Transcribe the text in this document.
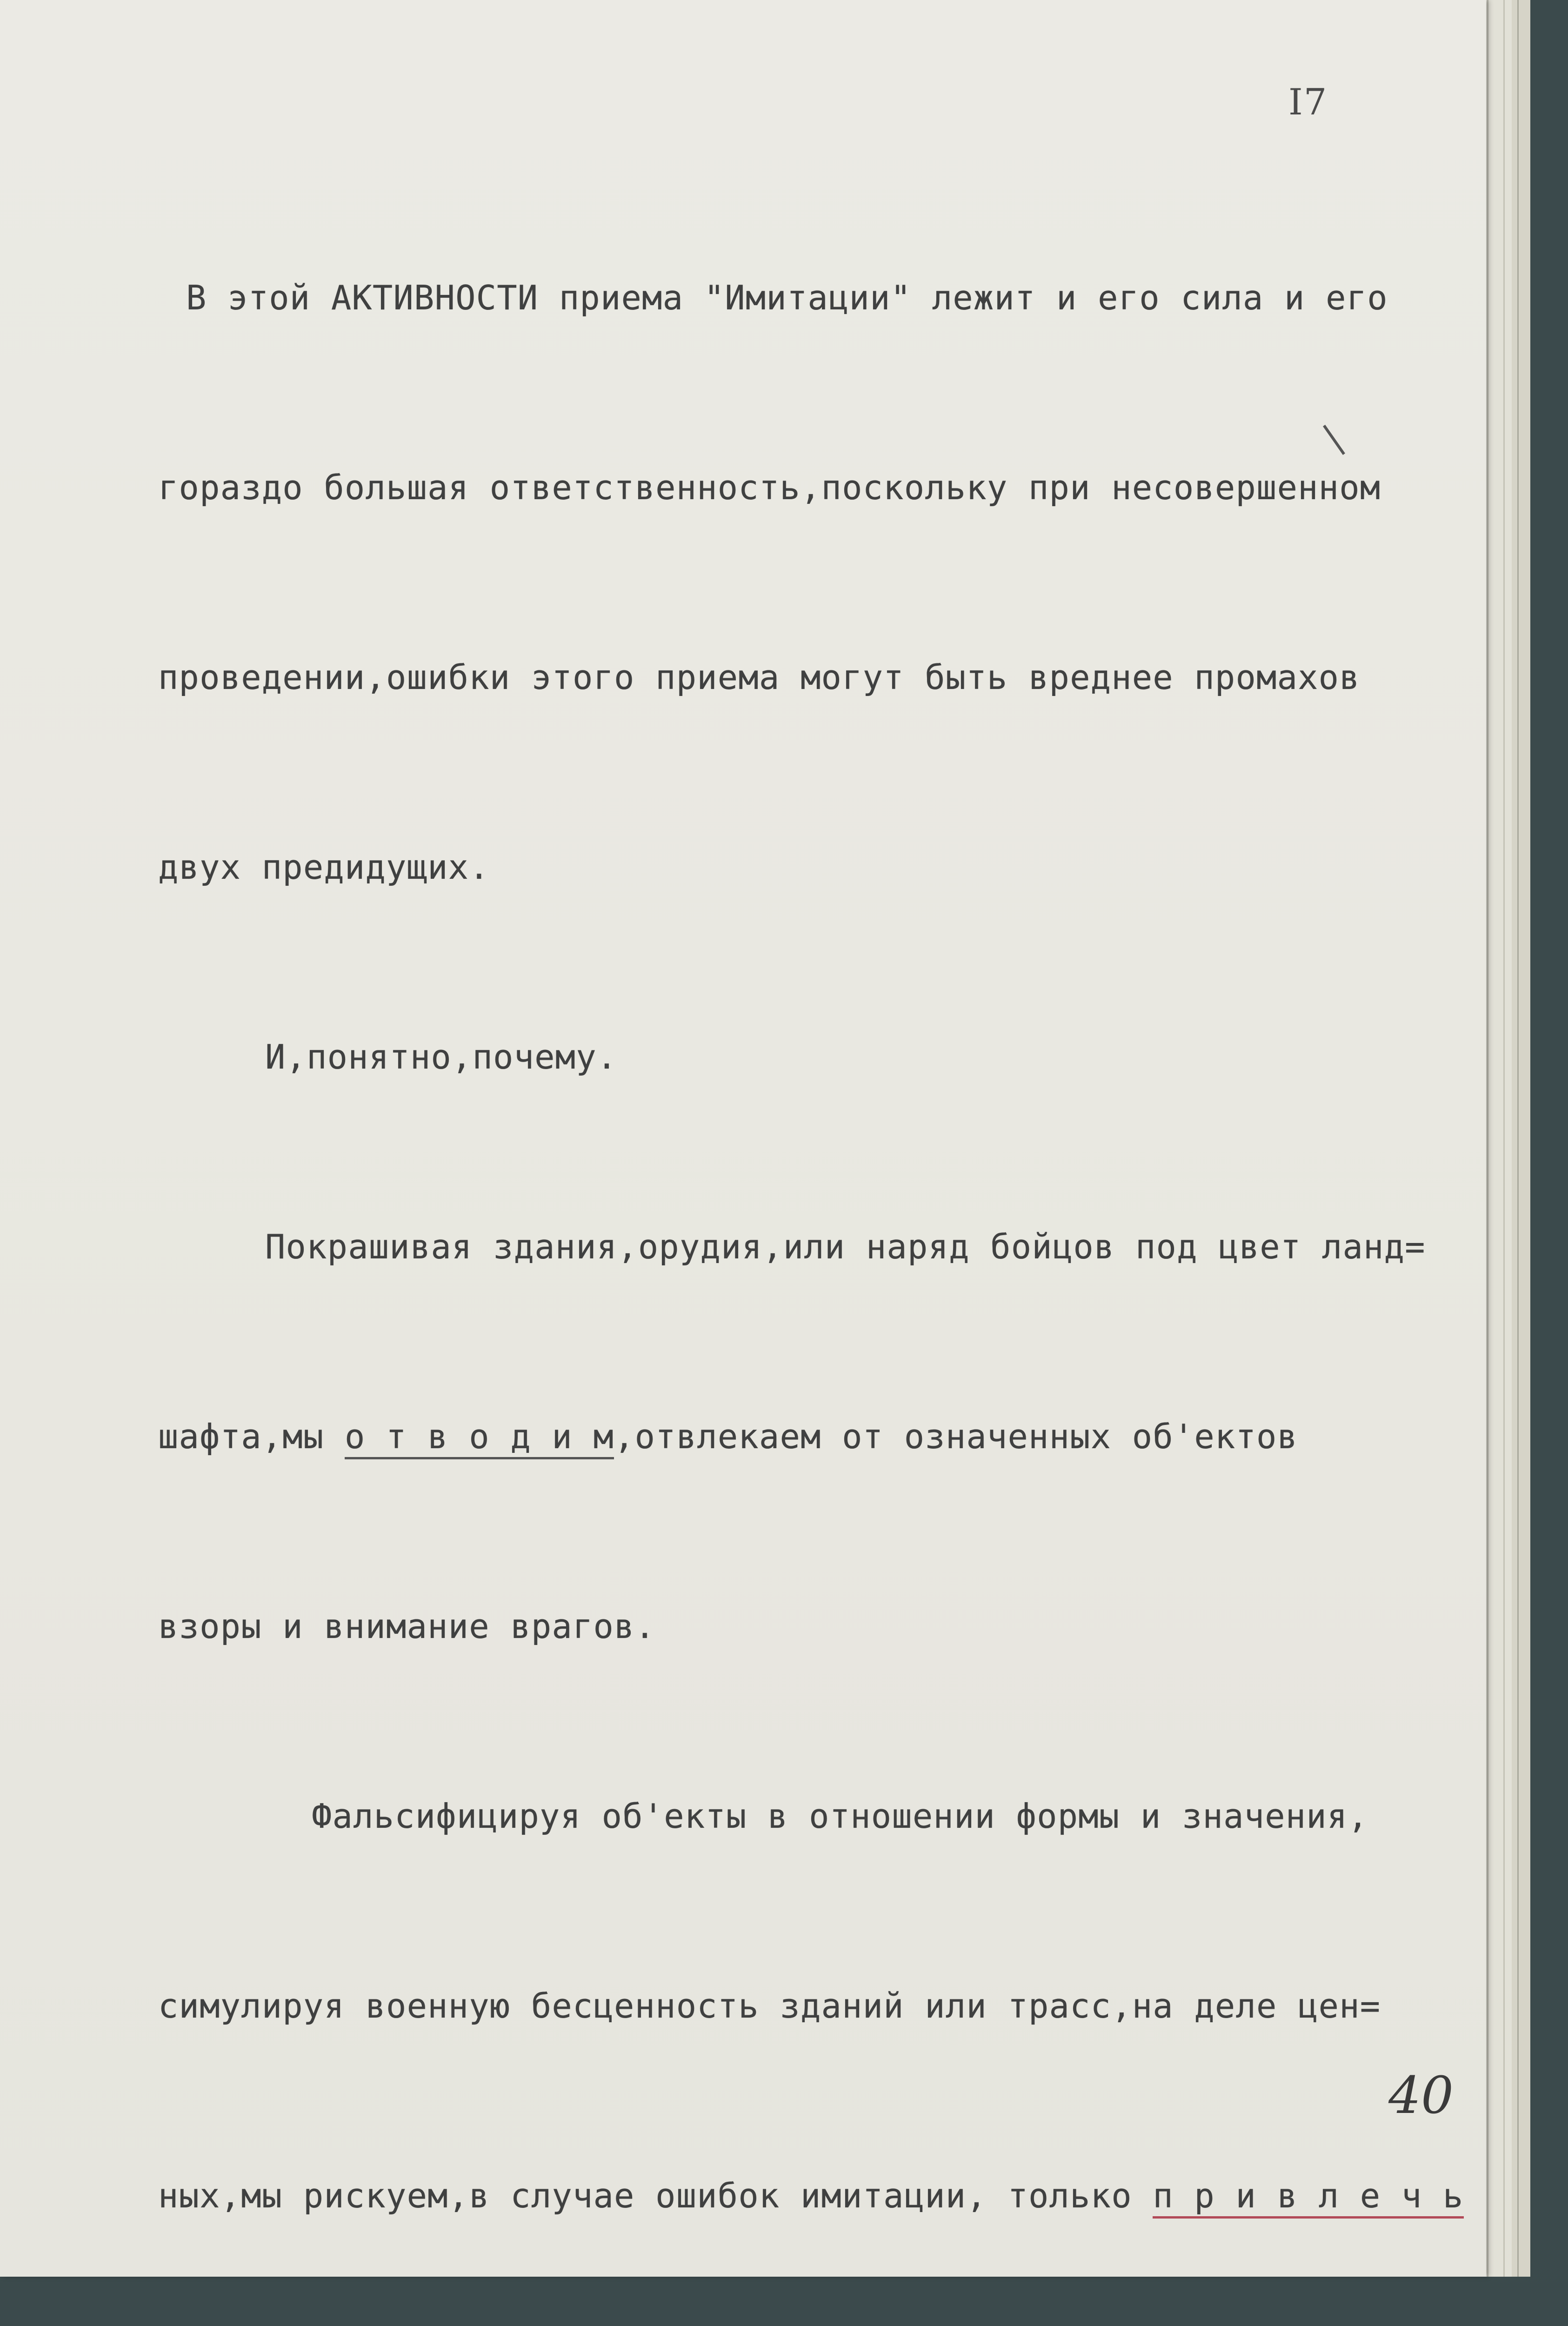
I7

В этой АКТИВНОСТИ приема "Имитации" лежит и его сила и его

гораздо большая ответственность,поскольку при несовершенном

проведении,ошибки этого приема могут быть вреднее промахов

двух предидущих.

И,понятно,почему.

Покрашивая здания,орудия,или наряд бойцов под цвет ланд=

шафта,мы о т в о д и м,отвлекаем от означенных об'ектов

взоры и внимание врагов.

Фальсифицируя об'екты в отношении формы и значения,

симулируя военную бесценность зданий или трасс,на деле цен=

ных,мы рискуем,в случае ошибок имитации, только п р и в л е ч ь

40
